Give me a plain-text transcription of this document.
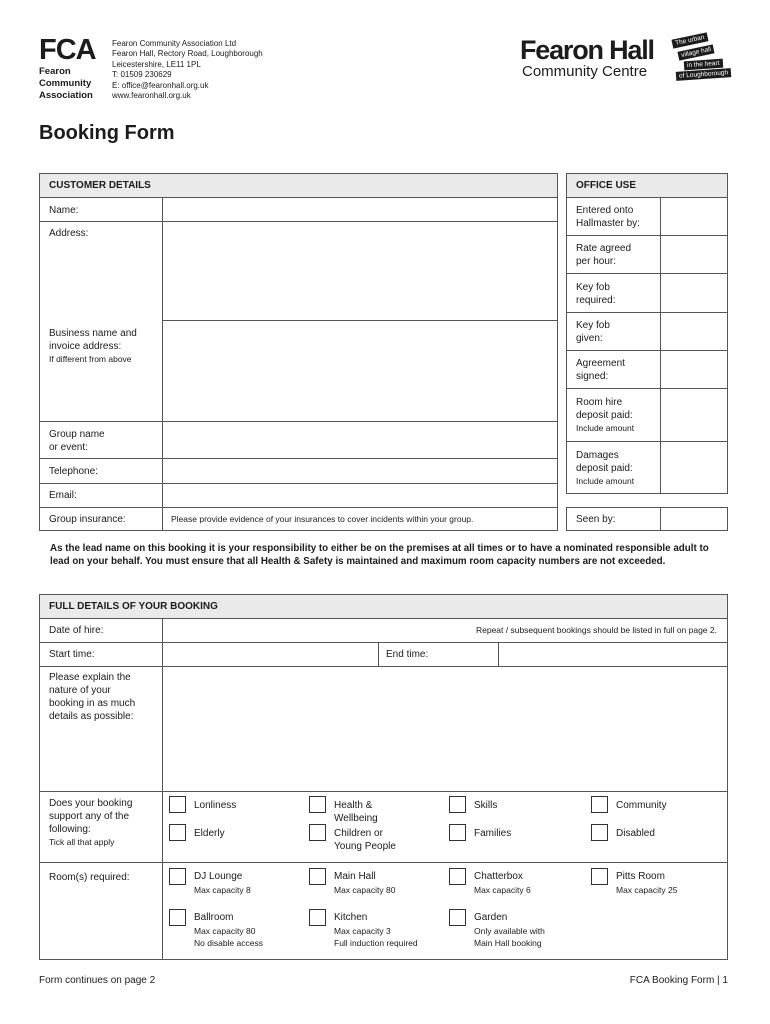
FCA
Fearon
Community
Association
Fearon Community Association Ltd
Fearon Hall, Rectory Road, Loughborough
Leicestershire, LE11 1PL
T: 01509 230629
E: office@fearonhall.org.uk
www.fearonhall.org.uk
Fearon Hall
Community Centre
The urban
village hall
in the heart
of Loughborough
Booking Form
CUSTOMER DETAILS
Name:
Address:
Business name and
invoice address:
If different from above
Group name
or event:
Telephone:
Email:
Group insurance:	Please provide evidence of your insurances to cover incidents within your group.
OFFICE USE
Entered onto
Hallmaster by:
Rate agreed
per hour:
Key fob
required:
Key fob
given:
Agreement
signed:
Room hire
deposit paid:
Include amount
Damages
deposit paid:
Include amount
Seen by:
As the lead name on this booking it is your responsibility to either be on the premises at all times or to have a nominated responsible adult to lead on your behalf. You must ensure that all Health & Safety is maintained and maximum room capacity numbers are not exceeded.
FULL DETAILS OF YOUR BOOKING
Date of hire:	Repeat / subsequent bookings should be listed in full on page 2.
Start time:	End time:
Please explain the
nature of your
booking in as much
details as possible:
Does your booking
support any of the
following:
Tick all that apply
Lonliness	Health &
Wellbeing
Skills	Community
Elderly	Children or
Young People
Families	Disabled
Room(s) required:	DJ Lounge
Max capacity 8
Main Hall
Max capacity 80
Chatterbox
Max capacity 6
Pitts Room
Max capacity 25
Ballroom
Max capacity 80
No disable access
Kitchen
Max capacity 3
Full induction required
Garden
Only available with
Main Hall booking
Form continues on page 2	FCA Booking Form | 1
